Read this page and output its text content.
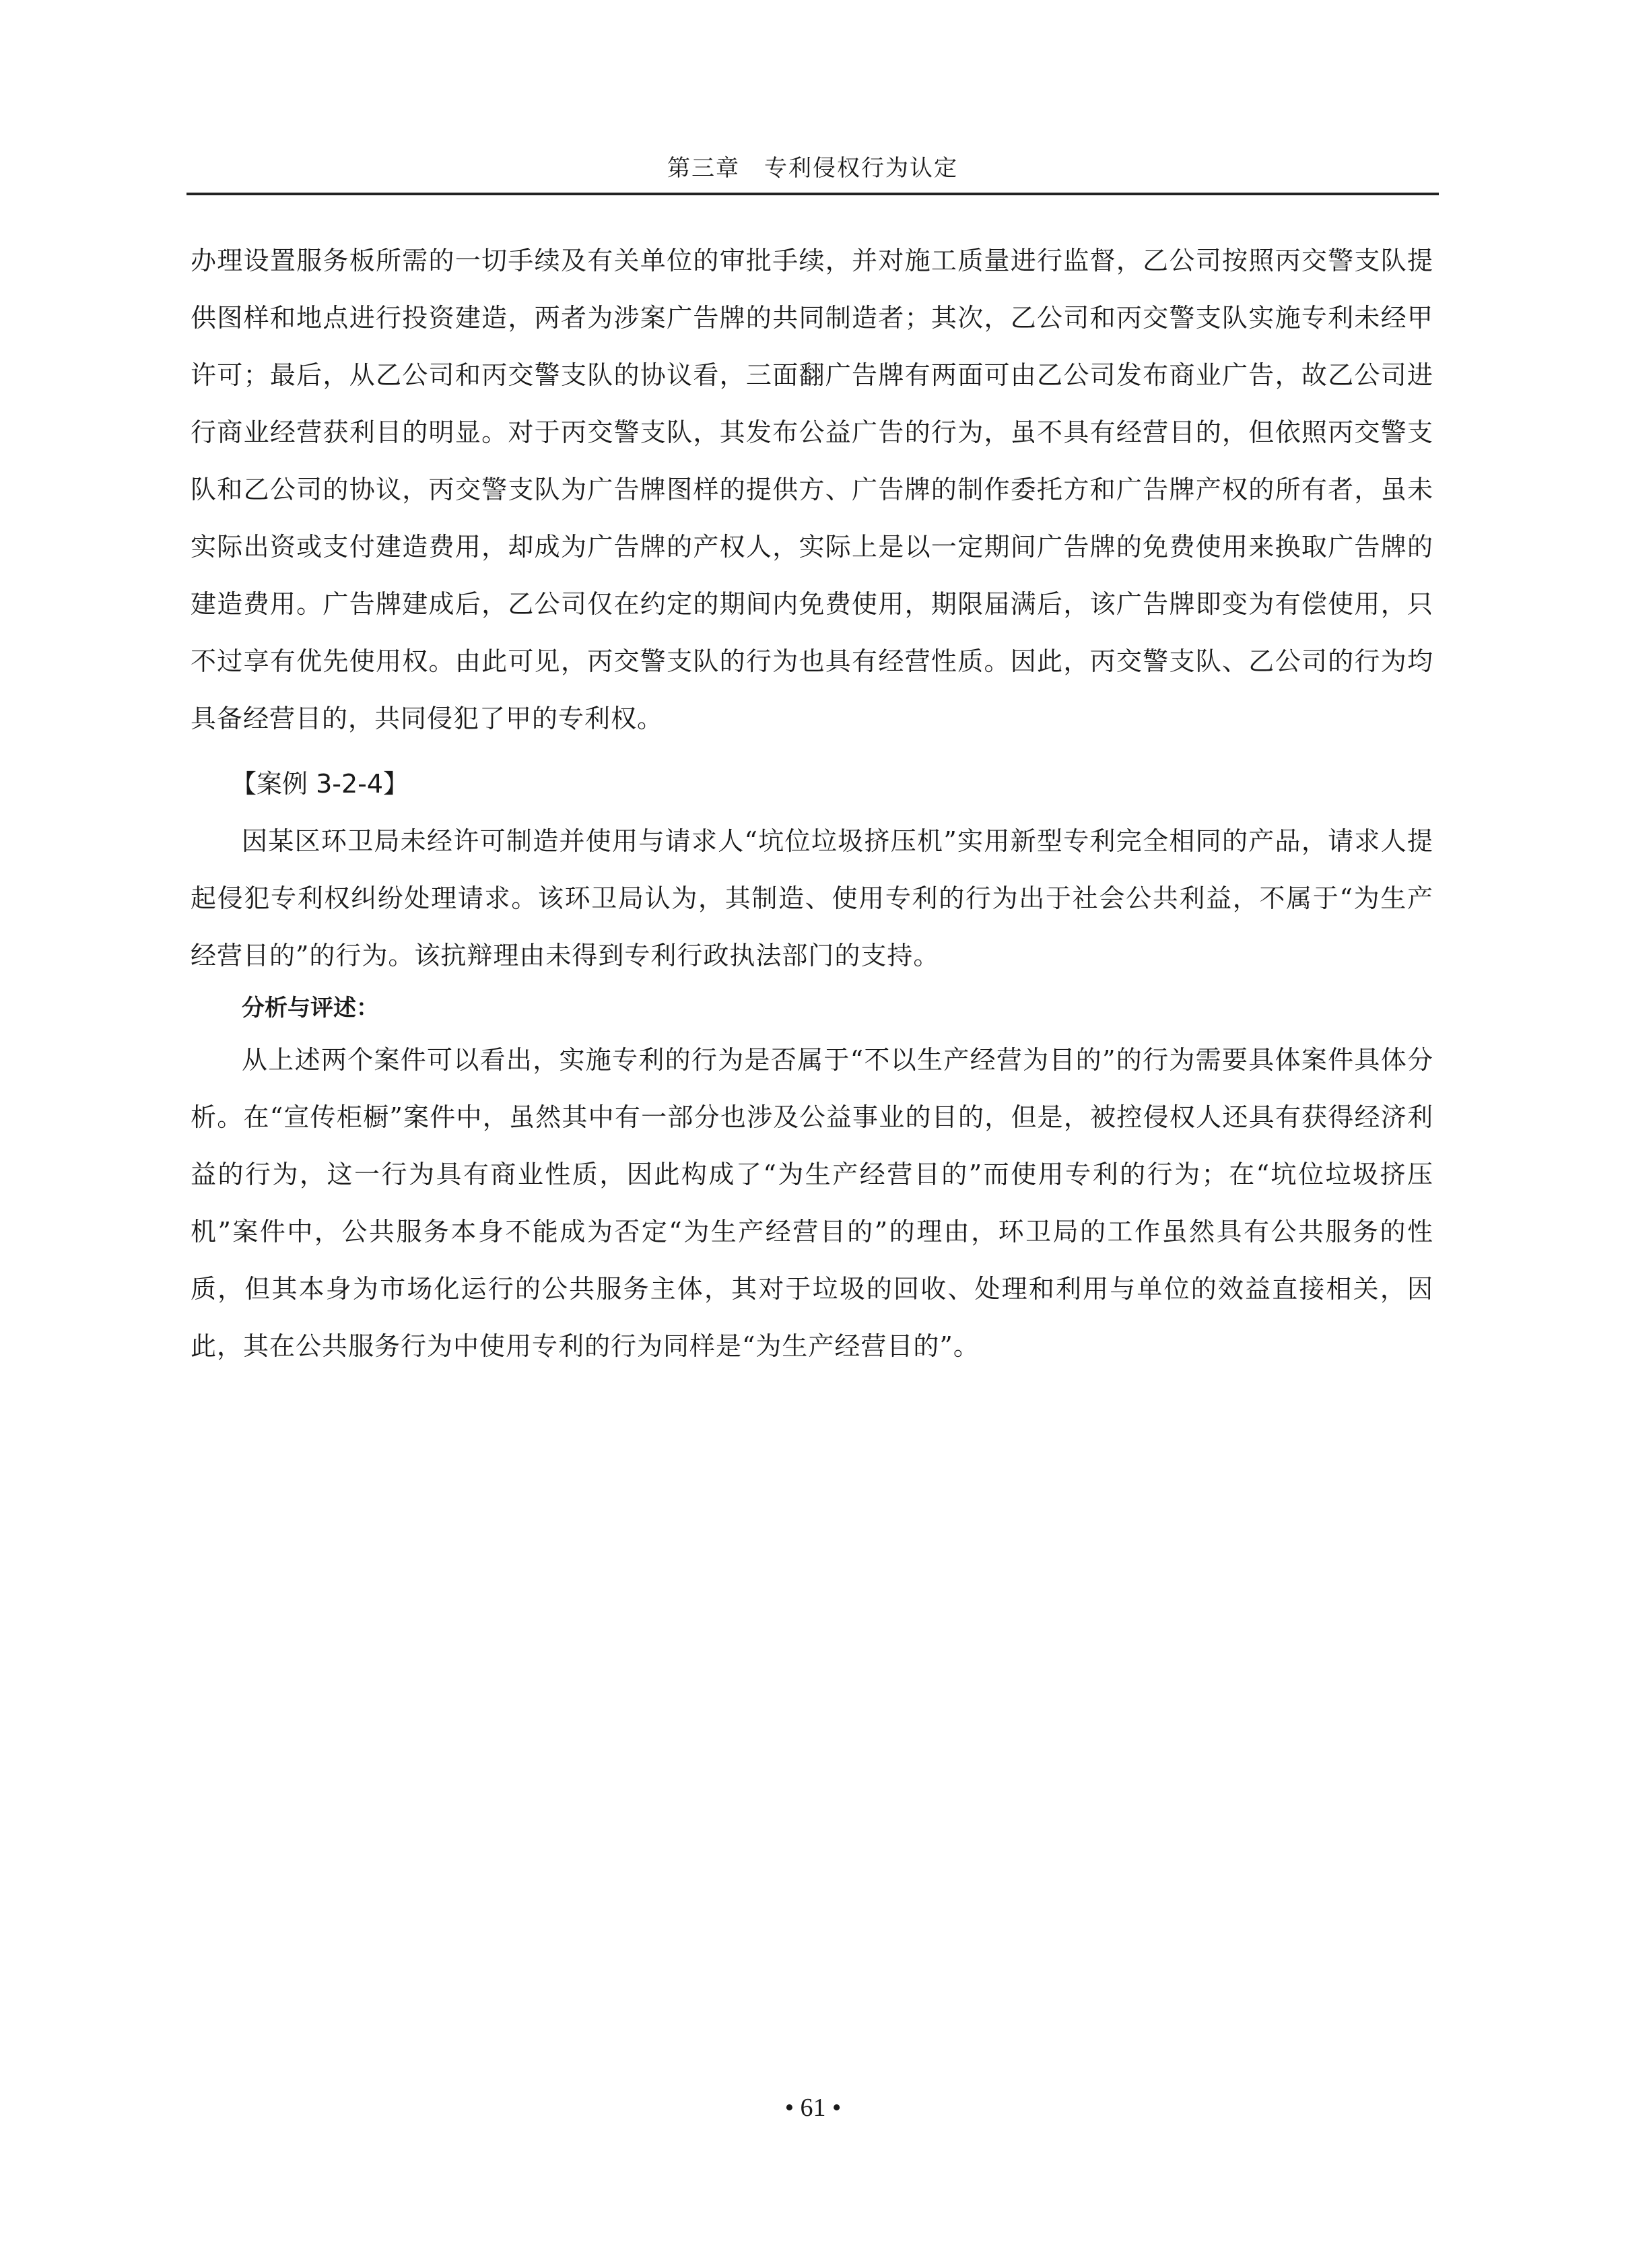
第三章　专利侵权行为认定

办理设置服务板所需的一切手续及有关单位的审批手续，并对施工质量进行监督，乙公司按照丙交警支队提供图样和地点进行投资建造，两者为涉案广告牌的共同制造者；其次，乙公司和丙交警支队实施专利未经甲许可；最后，从乙公司和丙交警支队的协议看，三面翻广告牌有两面可由乙公司发布商业广告，故乙公司进行商业经营获利目的明显。对于丙交警支队，其发布公益广告的行为，虽不具有经营目的，但依照丙交警支队和乙公司的协议，丙交警支队为广告牌图样的提供方、广告牌的制作委托方和广告牌产权的所有者，虽未实际出资或支付建造费用，却成为广告牌的产权人，实际上是以一定期间广告牌的免费使用来换取广告牌的建造费用。广告牌建成后，乙公司仅在约定的期间内免费使用，期限届满后，该广告牌即变为有偿使用，只不过享有优先使用权。由此可见，丙交警支队的行为也具有经营性质。因此，丙交警支队、乙公司的行为均具备经营目的，共同侵犯了甲的专利权。

【案例 3-2-4】

因某区环卫局未经许可制造并使用与请求人“坑位垃圾挤压机”实用新型专利完全相同的产品，请求人提起侵犯专利权纠纷处理请求。该环卫局认为，其制造、使用专利的行为出于社会公共利益，不属于“为生产经营目的”的行为。该抗辩理由未得到专利行政执法部门的支持。

分析与评述：

从上述两个案件可以看出，实施专利的行为是否属于“不以生产经营为目的”的行为需要具体案件具体分析。在“宣传柜橱”案件中，虽然其中有一部分也涉及公益事业的目的，但是，被控侵权人还具有获得经济利益的行为，这一行为具有商业性质，因此构成了“为生产经营目的”而使用专利的行为；在“坑位垃圾挤压机”案件中，公共服务本身不能成为否定“为生产经营目的”的理由，环卫局的工作虽然具有公共服务的性质，但其本身为市场化运行的公共服务主体，其对于垃圾的回收、处理和利用与单位的效益直接相关，因此，其在公共服务行为中使用专利的行为同样是“为生产经营目的”。

• 61 •
